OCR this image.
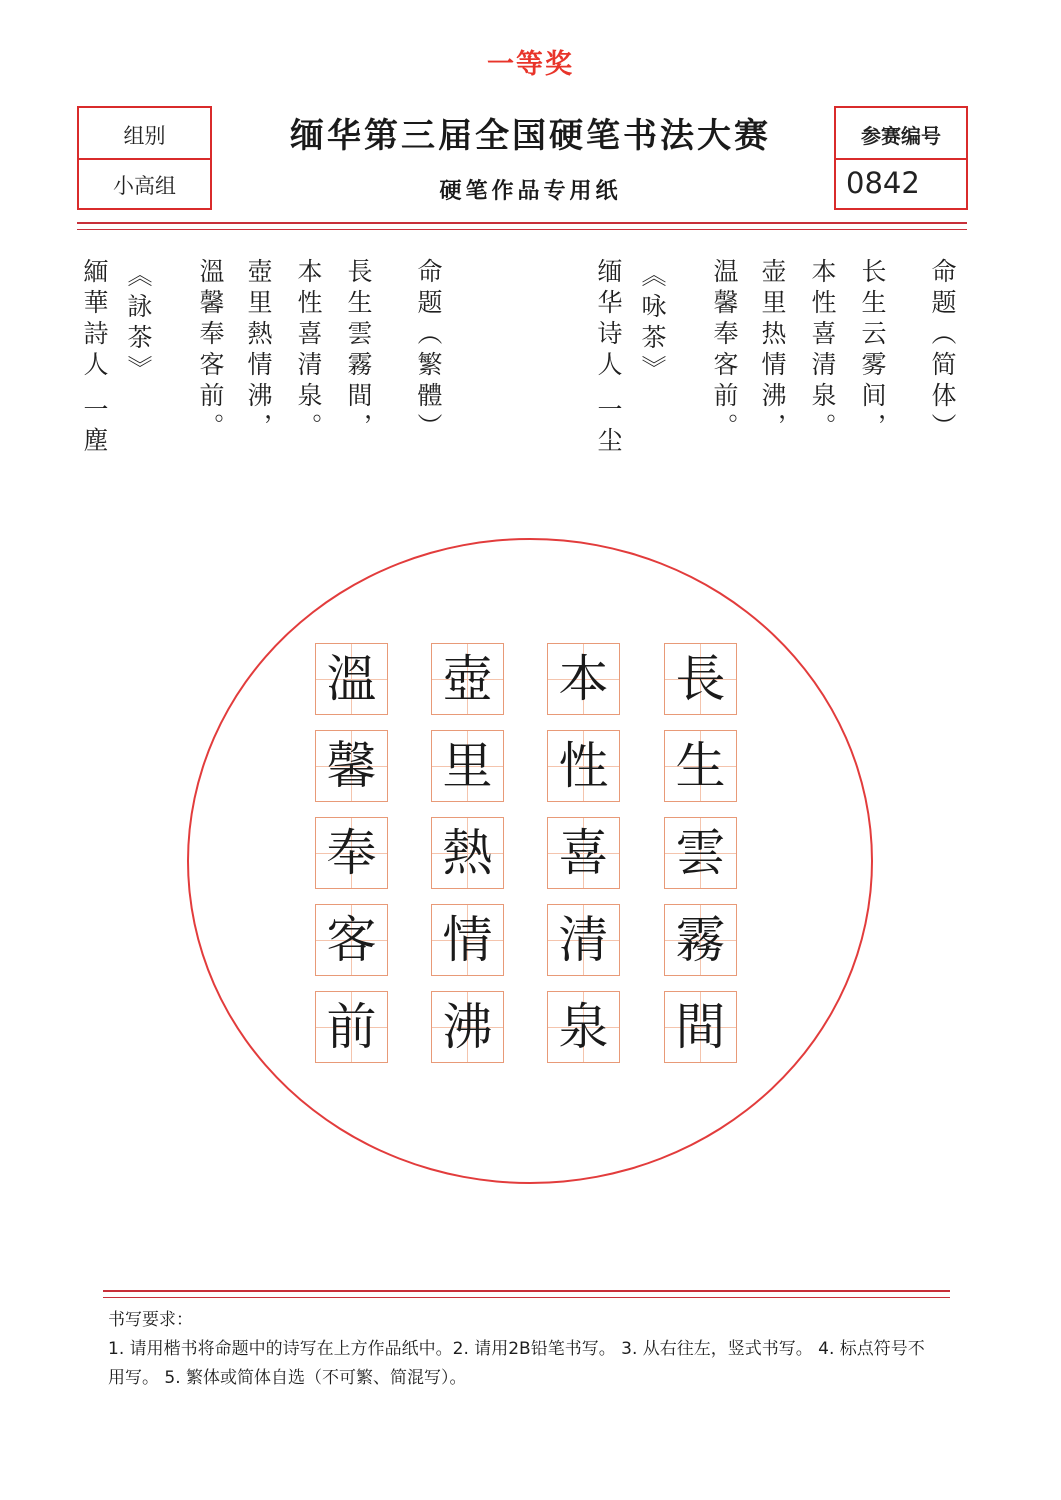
一等奖
组别
小高组
缅华第三届全国硬笔书法大赛
硬笔作品专用纸
参赛编号
0842
命题（简体）
长生云雾间，
本性喜清泉。
壶里热情沸，
温馨奉客前。
《咏茶》
缅华诗人 一尘
命题（繁體）
長生雲霧間，
本性喜清泉。
壺里熱情沸，
溫馨奉客前。
《詠茶》
緬華詩人 一塵
長
生
雲
霧
間
本
性
喜
清
泉
壺
里
熱
情
沸
溫
馨
奉
客
前

书写要求：

1. 请用楷书将命题中的诗写在上方作品纸中。2. 请用2B铅笔书写。 3. 从右往左，竖式书写。 4. 标点符号不用写。 5. 繁体或简体自选（不可繁、简混写）。
